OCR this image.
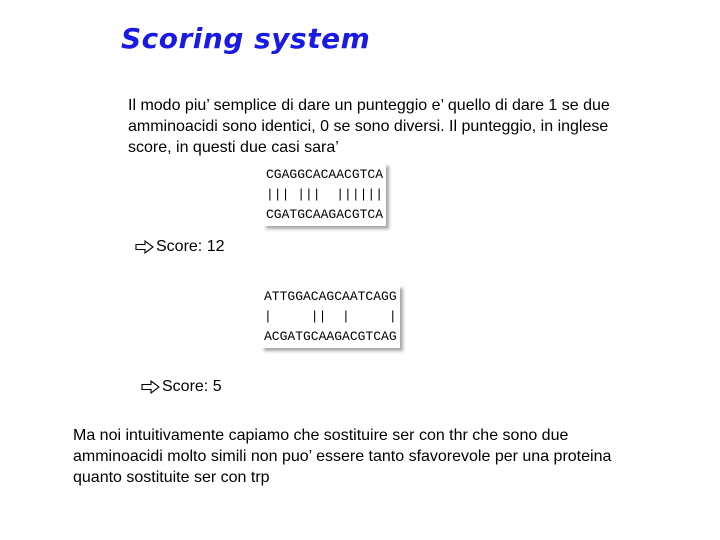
Scoring system
Il modo piu’ semplice di dare un punteggio e’ quello di dare 1 se due
amminoacidi sono identici, 0 se sono diversi. Il punteggio, in inglese
score, in questi due casi sara’
CGAGGCACAACGTCA
||| |||  ||||||
CGATGCAAGACGTCA
Score: 12
ATTGGACAGCAATCAGG
|     ||  |     |
ACGATGCAAGACGTCAG
Score: 5
Ma noi intuitivamente capiamo che sostituire ser con thr che sono due
amminoacidi molto simili non puo’ essere tanto sfavorevole per una proteina
quanto sostituite ser con trp
